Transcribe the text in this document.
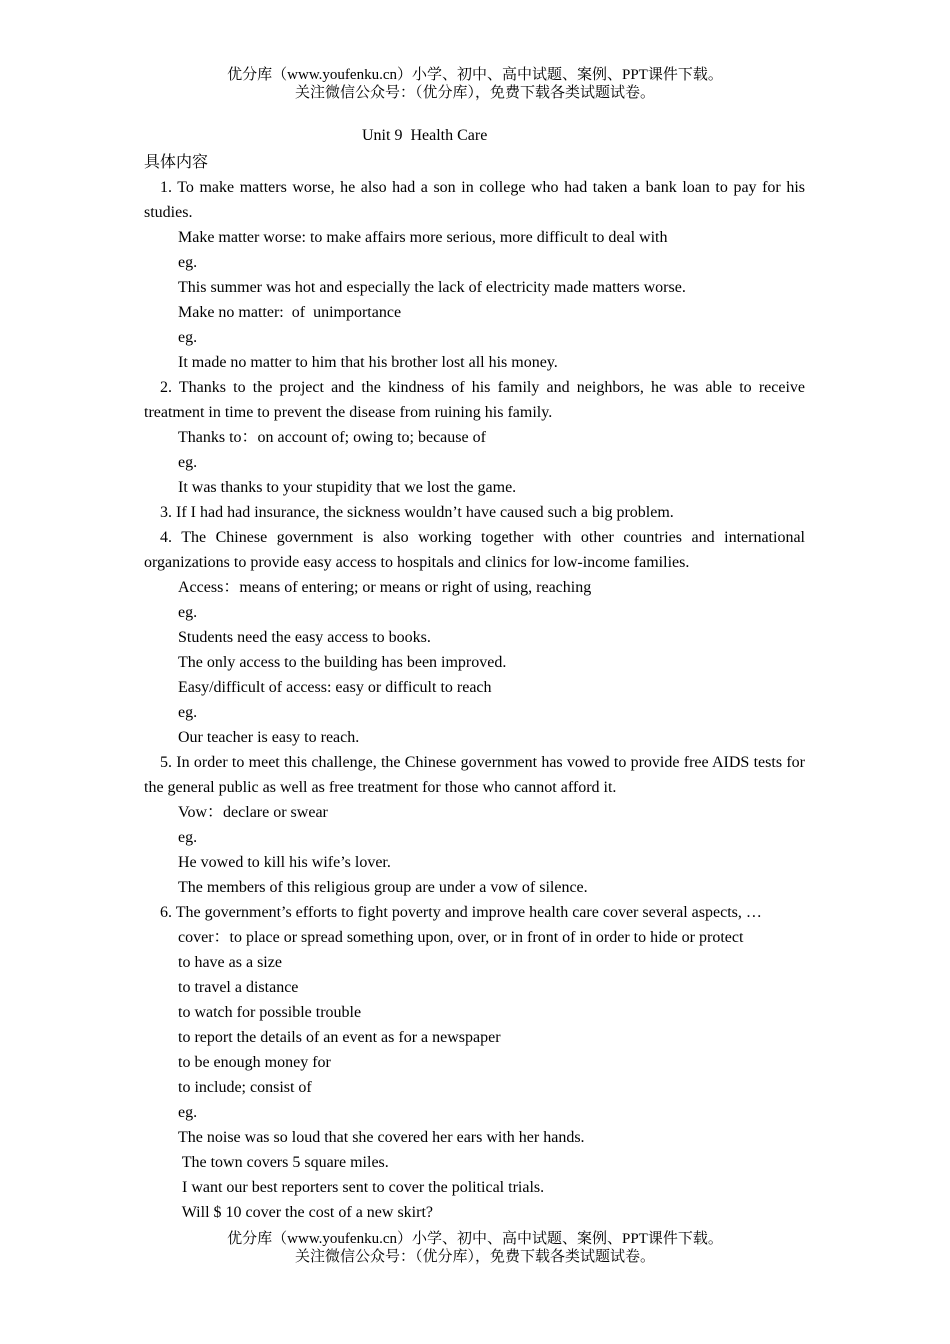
优分库（www.youfenku.cn）小学、初中、高中试题、案例、PPT课件下载。
关注微信公众号：（优分库），免费下载各类试题试卷。
Unit 9  Health Care
具体内容
1. To make matters worse, he also had a son in college who had taken a bank loan to pay for his studies.
Make matter worse: to make affairs more serious, more difficult to deal with
eg.
This summer was hot and especially the lack of electricity made matters worse.
Make no matter:  of  unimportance
eg.
It made no matter to him that his brother lost all his money.
2. Thanks to the project and the kindness of his family and neighbors, he was able to receive treatment in time to prevent the disease from ruining his family.
Thanks to：on account of; owing to; because of
eg.
It was thanks to your stupidity that we lost the game.
3. If I had had insurance, the sickness wouldn’t have caused such a big problem.
4. The Chinese government is also working together with other countries and international organizations to provide easy access to hospitals and clinics for low-income families.
Access：means of entering; or means or right of using, reaching
eg.
Students need the easy access to books.
The only access to the building has been improved.
Easy/difficult of access: easy or difficult to reach
eg.
Our teacher is easy to reach.
5. In order to meet this challenge, the Chinese government has vowed to provide free AIDS tests for the general public as well as free treatment for those who cannot afford it.
Vow：declare or swear
eg.
He vowed to kill his wife’s lover.
The members of this religious group are under a vow of silence.
6. The government’s efforts to fight poverty and improve health care cover several aspects, …
cover：to place or spread something upon, over, or in front of in order to hide or protect
to have as a size
to travel a distance
to watch for possible trouble
to report the details of an event as for a newspaper
to be enough money for
to include; consist of
eg.
The noise was so loud that she covered her ears with her hands.
The town covers 5 square miles.
I want our best reporters sent to cover the political trials.
Will $ 10 cover the cost of a new skirt?
优分库（www.youfenku.cn）小学、初中、高中试题、案例、PPT课件下载。
关注微信公众号：（优分库），免费下载各类试题试卷。
